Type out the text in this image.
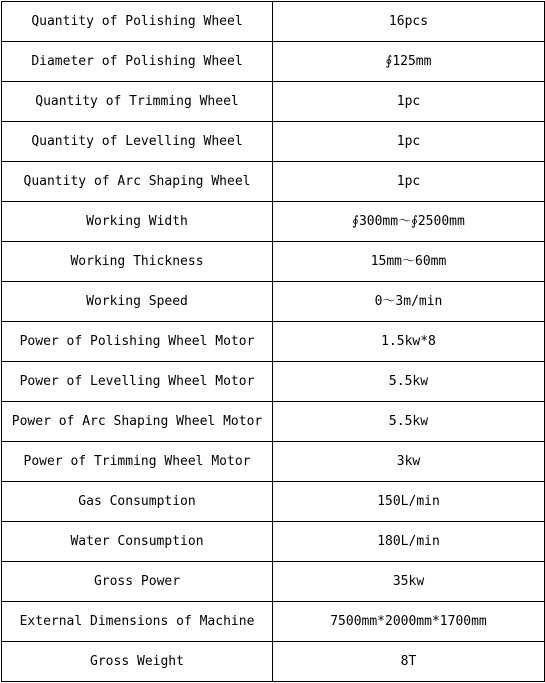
Quantity of Polishing Wheel	16pcs
Diameter of Polishing Wheel	∮125mm
Quantity of Trimming Wheel	1pc
Quantity of Levelling Wheel	1pc
Quantity of Arc Shaping Wheel	1pc
Working Width	∮300mm～∮2500mm
Working Thickness	15mm～60mm
Working Speed	0～3m/min
Power of Polishing Wheel Motor	1.5kw*8
Power of Levelling Wheel Motor	5.5kw
Power of Arc Shaping Wheel Motor	5.5kw
Power of Trimming Wheel Motor	3kw
Gas Consumption	150L/min
Water Consumption	180L/min
Gross Power	35kw
External Dimensions of Machine	7500mm*2000mm*1700mm
Gross Weight	8T
